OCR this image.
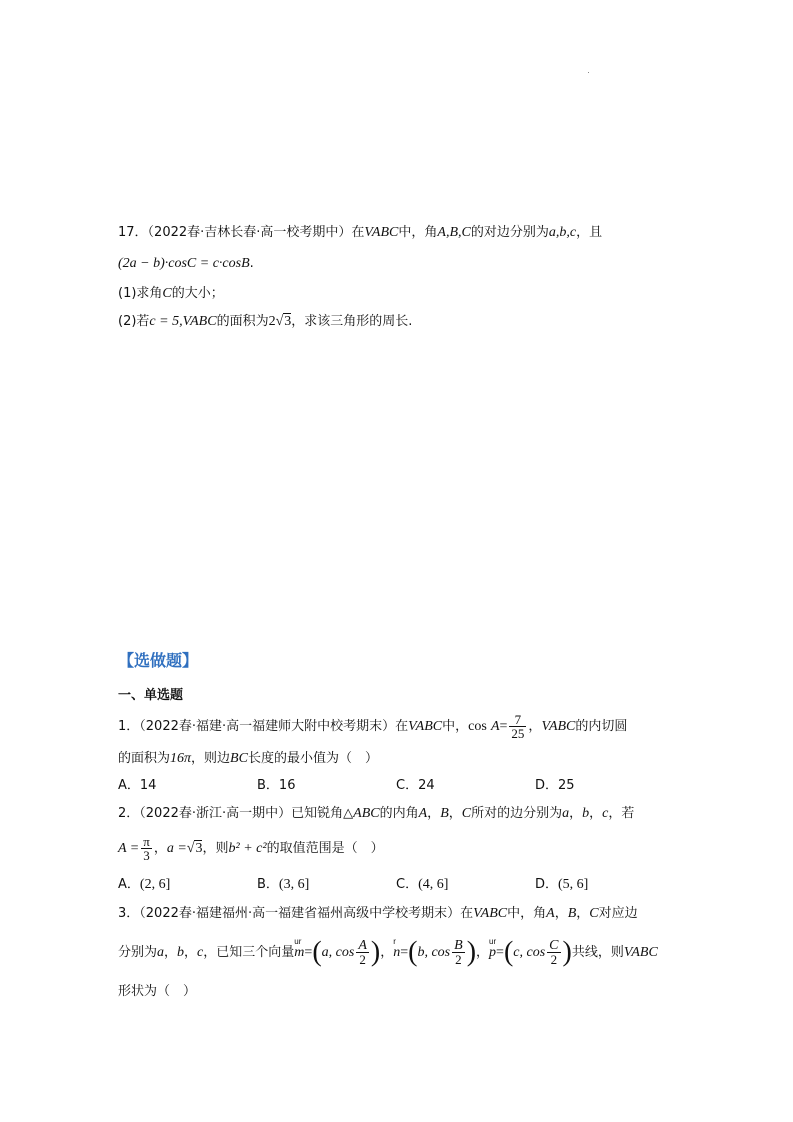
17．（2022春·吉林长春·高一校考期中）在VABC中，角A,B,C的对边分别为a,b,c，且
(2a − b)·cosC = c·cosB.
(1)求角C的大小；
(2)若c = 5,VABC的面积为2√3，求该三角形的周长.
【选做题】
一、单选题
1．（2022春·福建·高一福建师大附中校考期末）在VABC中，$\cos A= \frac{7}{25}$ ，VABC的内切圆
的面积为16π，则边BC长度的最小值为（　）
A．14	B．16	C．24	D．25
2．（2022春·浙江·高一期中）已知锐角△ABC的内角A，B，C所对的边分别为a，b，c，若
$A = \frac{\pi}{3}$ ，a =√3，则b² + c²的取值范围是（　）
A．(2, 6]	B．(3, 6]	C．(4, 6]	D．(5, 6]
3．（2022春·福建福州·高一福建省福州高级中学校考期末）在VABC中，角A，B，C对应边
分别为a，b，c，已知三个向量
ur
m=(a, $\cos \frac{A}{2}$ )，
r
n=(b, $\cos \frac{B}{2}$ )，
ur
p=(c, $\cos \frac{C}{2}$ )共线，则VABC
形状为（　）
